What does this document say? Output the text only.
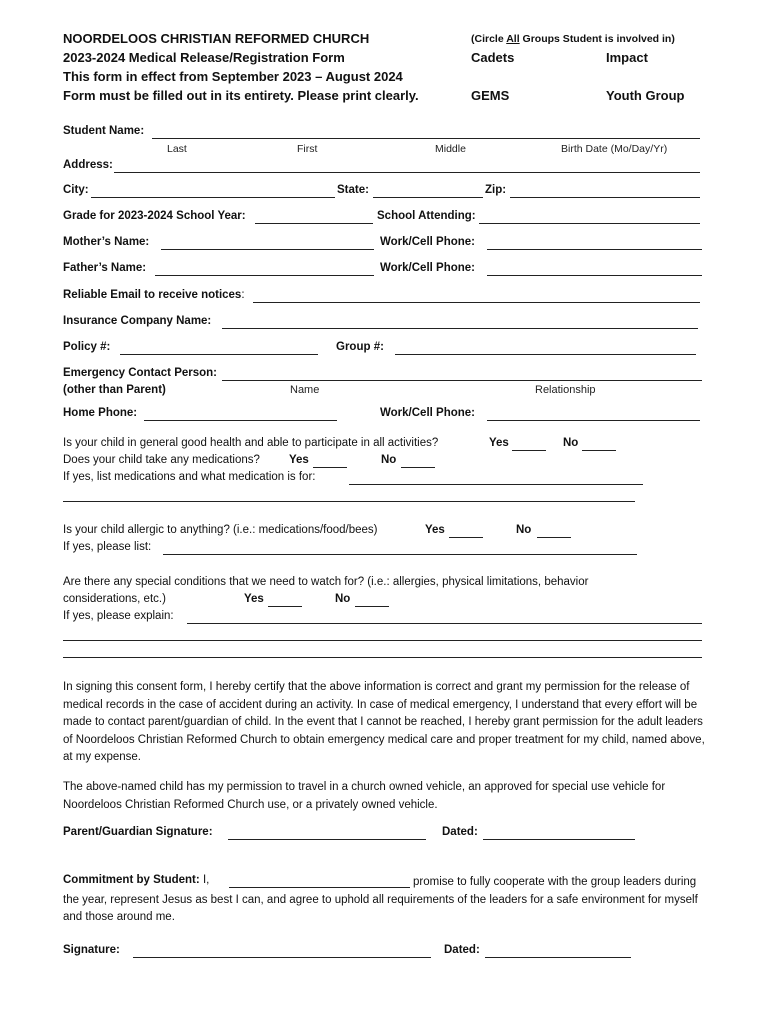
NOORDELOOS CHRISTIAN REFORMED CHURCH
2023-2024 Medical Release/Registration Form
This form in effect from September 2023 – August 2024
Form must be filled out in its entirety. Please print clearly.
(Circle All Groups Student is involved in)
Cadets	Impact
GEMS	Youth Group
Student Name:
Last	First	Middle	Birth Date (Mo/Day/Yr)
Address:
City:	State:	Zip:
Grade for 2023-2024 School Year:	School Attending:
Mother’s Name:	Work/Cell Phone:
Father’s Name:	Work/Cell Phone:
Reliable Email to receive notices:
Insurance Company Name:
Policy #:	Group #:
Emergency Contact Person:
(other than Parent)	Name	Relationship
Home Phone:	Work/Cell Phone:
Is your child in general good health and able to participate in all activities?	Yes	No
Does your child take any medications?	Yes	No
If yes, list medications and what medication is for:
Is your child allergic to anything? (i.e.: medications/food/bees)	Yes	No
If yes, please list:
Are there any special conditions that we need to watch for? (i.e.: allergies, physical limitations, behavior
considerations, etc.)	Yes	No
If yes, please explain:
In signing this consent form, I hereby certify that the above information is correct and grant my permission for the release of medical records in the case of accident during an activity. In case of medical emergency, I understand that every effort will be made to contact parent/guardian of child. In the event that I cannot be reached, I hereby grant permission for the adult leaders of Noordeloos Christian Reformed Church to obtain emergency medical care and proper treatment for my child, named above, at my expense.
The above-named child has my permission to travel in a church owned vehicle, an approved for special use vehicle for Noordeloos Christian Reformed Church use, or a privately owned vehicle.
Parent/Guardian Signature:	Dated:
Commitment by Student: I,	promise to fully cooperate with the group leaders during the year, represent Jesus as best I can, and agree to uphold all requirements of the leaders for a safe environment for myself and those around me.
Signature:	Dated:
